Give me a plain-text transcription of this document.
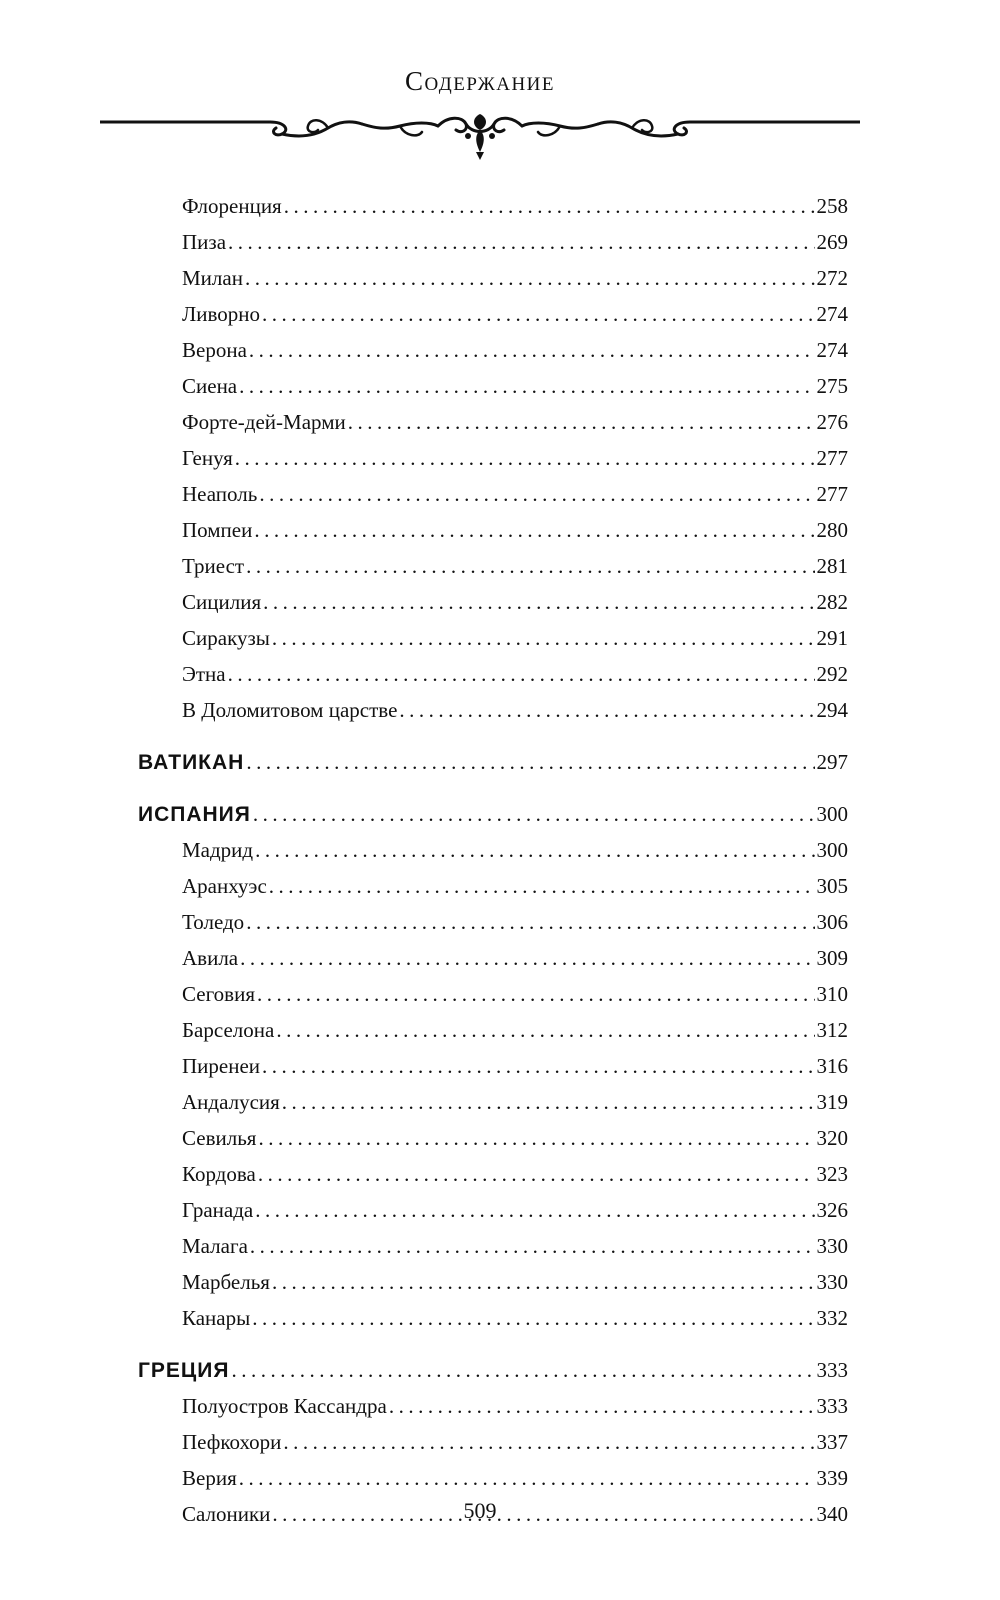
Содержание
Флоренция .....	258
Пиза .....	269
Милан .....	272
Ливорно .....	274
Верона .....	274
Сиена .....	275
Форте-дей-Марми .....	276
Генуя .....	277
Неаполь .....	277
Помпеи .....	280
Триест .....	281
Сицилия .....	282
Сиракузы .....	291
Этна .....	292
В Доломитовом царстве .....	294
ВАТИКАН .....	297
ИСПАНИЯ .....	300
Мадрид .....	300
Аранхуэс .....	305
Толедо .....	306
Авила .....	309
Сеговия .....	310
Барселона .....	312
Пиренеи .....	316
Андалусия .....	319
Севилья .....	320
Кордова .....	323
Гранада .....	326
Малага .....	330
Марбелья .....	330
Канары .....	332
ГРЕЦИЯ .....	333
Полуостров Кассандра .....	333
Пефкохори .....	337
Верия .....	339
Салоники .....	340
509
